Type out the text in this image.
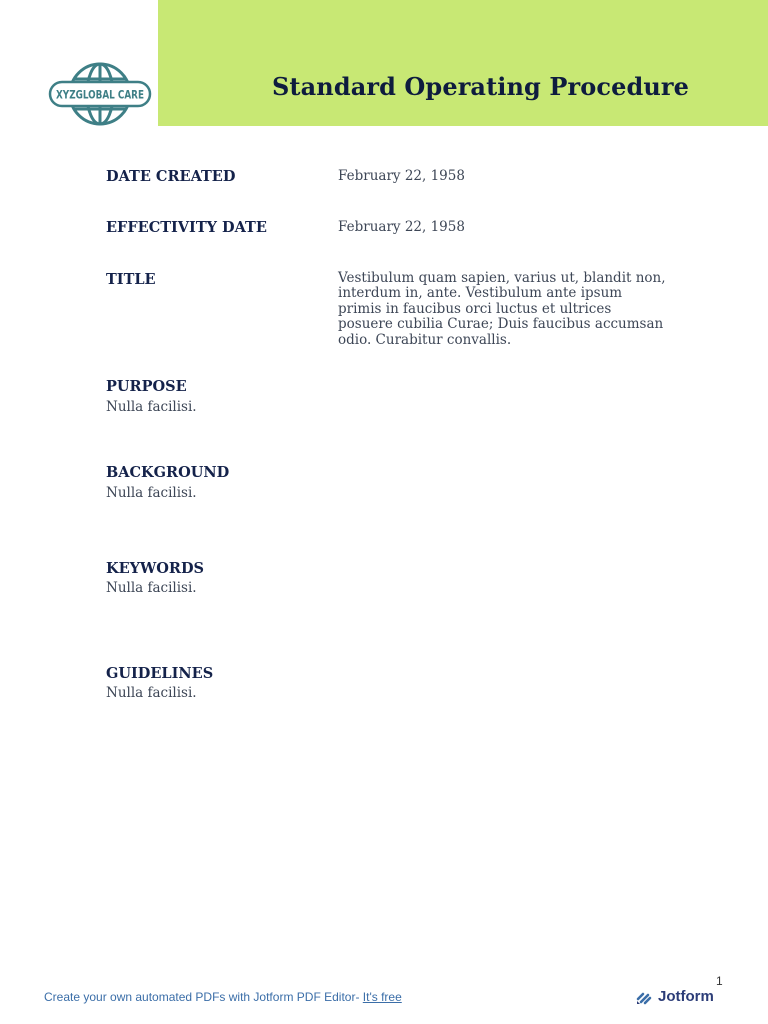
XYZGLOBAL CARE	Standard Operating Procedure
DATE CREATED	February 22, 1958
EFFECTIVITY DATE	February 22, 1958
TITLE	Vestibulum quam sapien, varius ut, blandit non, interdum in, ante. Vestibulum ante ipsum primis in faucibus orci luctus et ultrices posuere cubilia Curae; Duis faucibus accumsan odio. Curabitur convallis.
PURPOSE
Nulla facilisi.
BACKGROUND
Nulla facilisi.
KEYWORDS
Nulla facilisi.
GUIDELINES
Nulla facilisi.
Create your own automated PDFs with Jotform PDF Editor- It's free
1
Jotform
